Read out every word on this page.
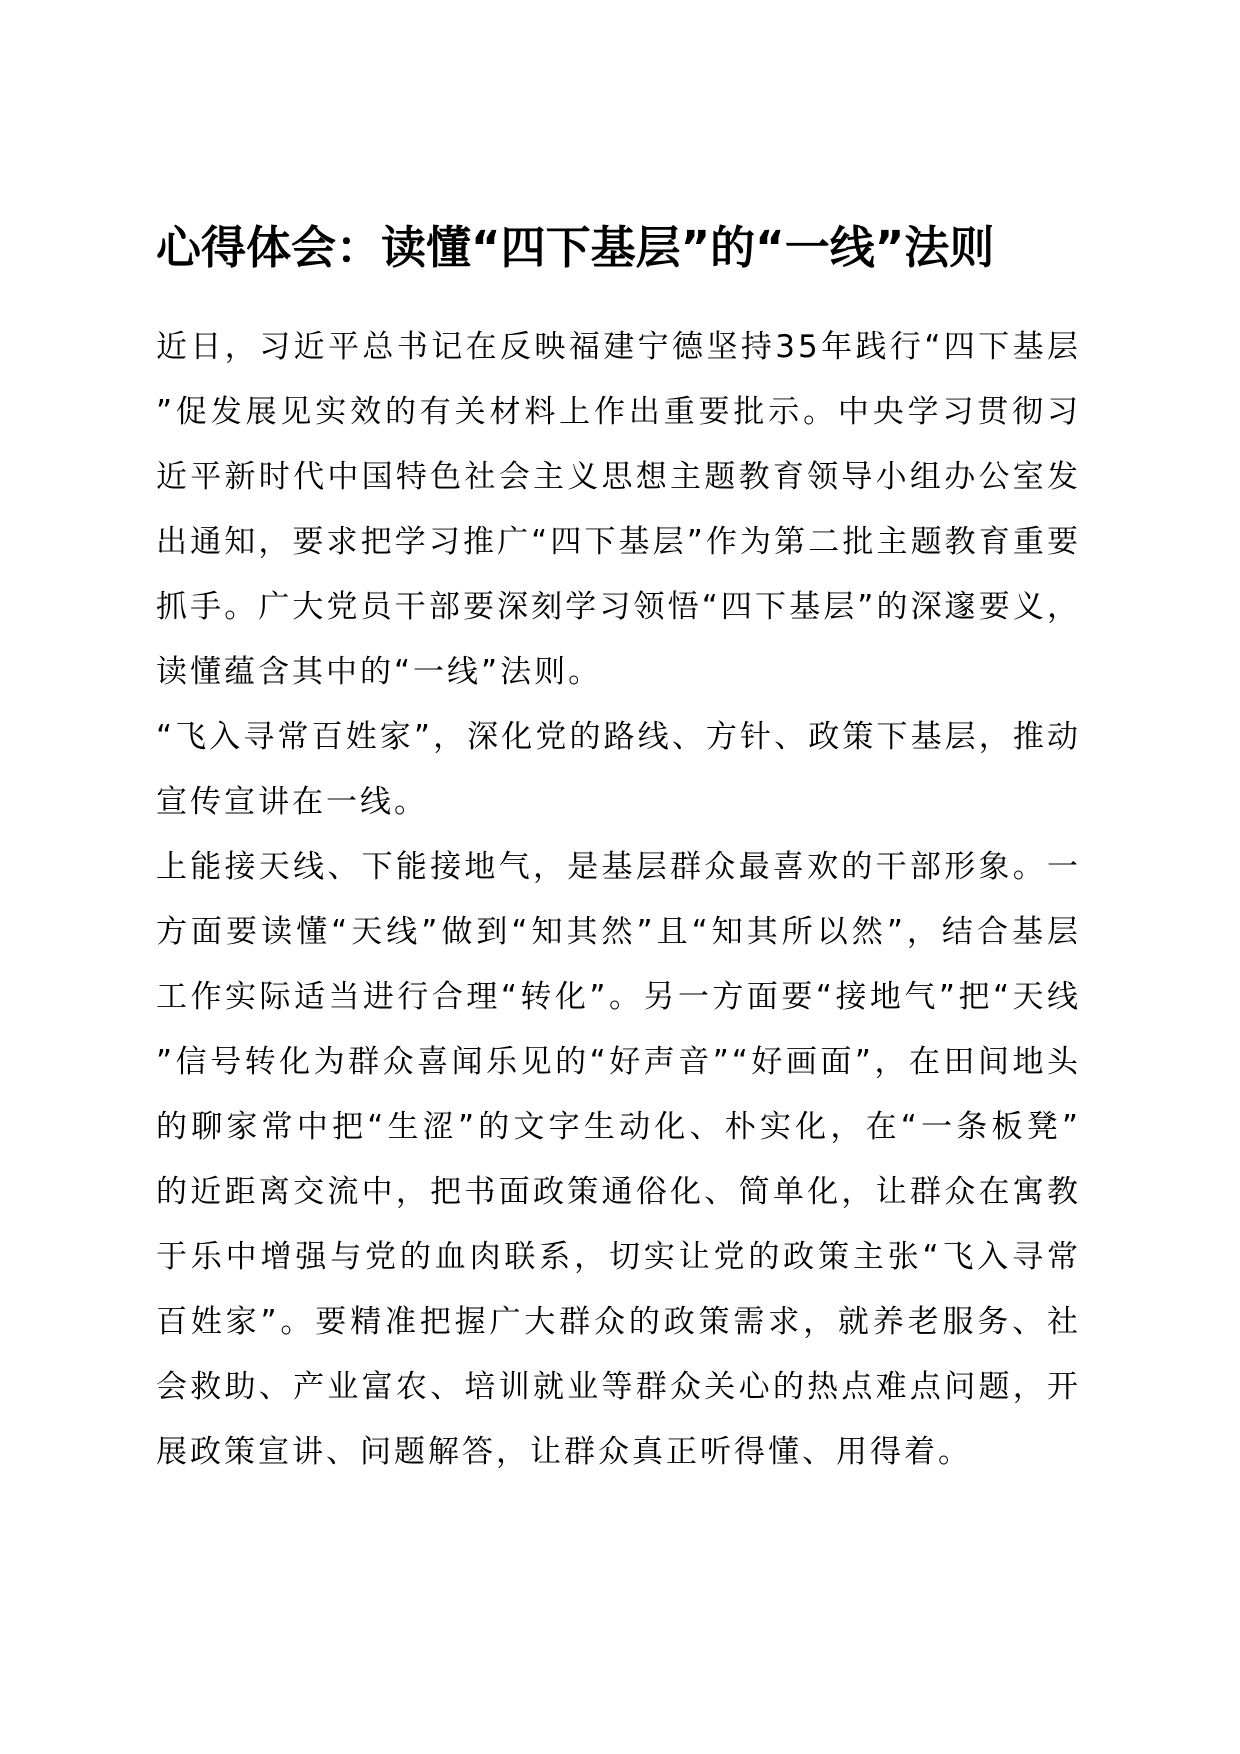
心得体会：读懂“四下基层”的“一线”法则

近日，习近平总书记在反映福建宁德坚持35年践行“四下基层”促发展见实效的有关材料上作出重要批示。中央学习贯彻习近平新时代中国特色社会主义思想主题教育领导小组办公室发出通知，要求把学习推广“四下基层”作为第二批主题教育重要抓手。广大党员干部要深刻学习领悟“四下基层”的深邃要义，读懂蕴含其中的“一线”法则。

“飞入寻常百姓家”，深化党的路线、方针、政策下基层，推动宣传宣讲在一线。

上能接天线、下能接地气，是基层群众最喜欢的干部形象。一方面要读懂“天线”做到“知其然”且“知其所以然”，结合基层工作实际适当进行合理“转化”。另一方面要“接地气”把“天线”信号转化为群众喜闻乐见的“好声音”“好画面”，在田间地头的聊家常中把“生涩”的文字生动化、朴实化，在“一条板凳”的近距离交流中，把书面政策通俗化、简单化，让群众在寓教于乐中增强与党的血肉联系，切实让党的政策主张“飞入寻常百姓家”。要精准把握广大群众的政策需求，就养老服务、社会救助、产业富农、培训就业等群众关心的热点难点问题，开展政策宣讲、问题解答，让群众真正听得懂、用得着。
